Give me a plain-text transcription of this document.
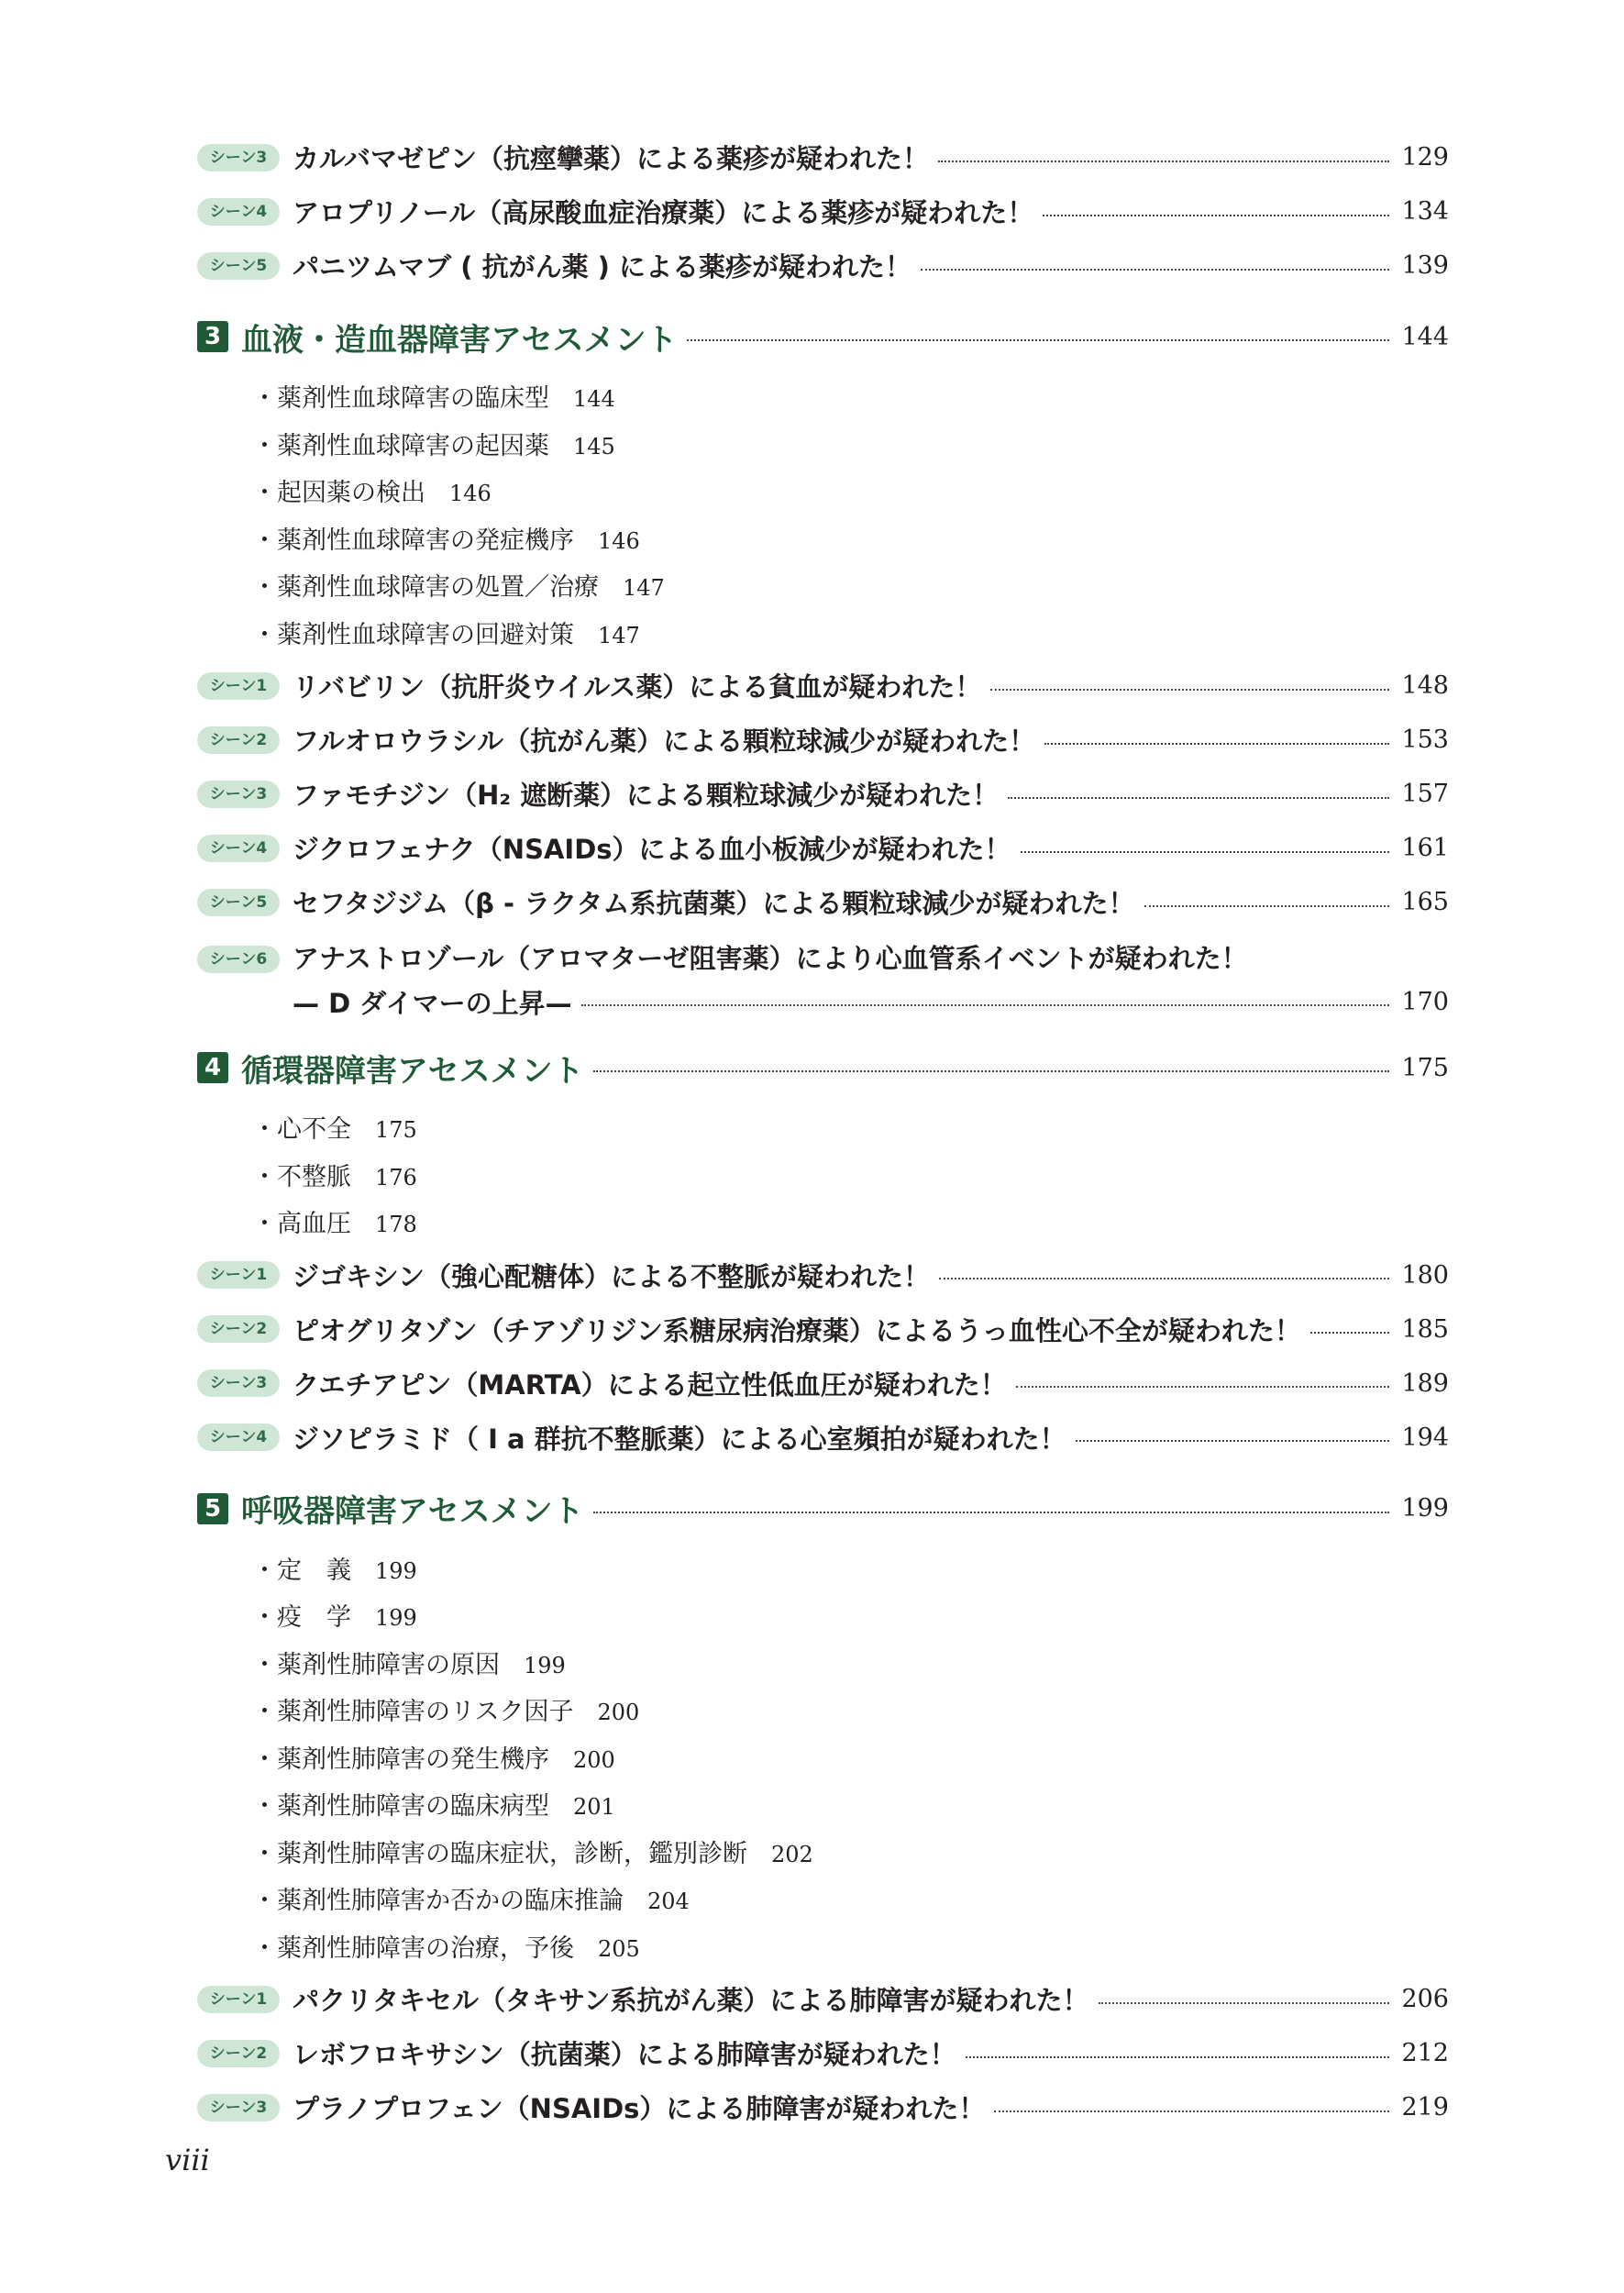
シーン3 カルバマゼピン（抗痙攣薬）による薬疹が疑われた！	129
シーン4 アロプリノール（高尿酸血症治療薬）による薬疹が疑われた！	134
シーン5 パニツムマブ ( 抗がん薬 ) による薬疹が疑われた！	139
3 血液・造血器障害アセスメント	144
・薬剤性血球障害の臨床型 144
・薬剤性血球障害の起因薬 145
・起因薬の検出 146
・薬剤性血球障害の発症機序 146
・薬剤性血球障害の処置／治療 147
・薬剤性血球障害の回避対策 147
シーン1 リバビリン（抗肝炎ウイルス薬）による貧血が疑われた！	148
シーン2 フルオロウラシル（抗がん薬）による顆粒球減少が疑われた！	153
シーン3 ファモチジン（H₂ 遮断薬）による顆粒球減少が疑われた！	157
シーン4 ジクロフェナク（NSAIDs）による血小板減少が疑われた！	161
シーン5 セフタジジム（β - ラクタム系抗菌薬）による顆粒球減少が疑われた！	165
シーン6 アナストロゾール（アロマターゼ阻害薬）により心血管系イベントが疑われた！
— D ダイマーの上昇—	170
4 循環器障害アセスメント	175
・心不全 175
・不整脈 176
・高血圧 178
シーン1 ジゴキシン（強心配糖体）による不整脈が疑われた！	180
シーン2 ピオグリタゾン（チアゾリジン系糖尿病治療薬）によるうっ血性心不全が疑われた！	185
シーン3 クエチアピン（MARTA）による起立性低血圧が疑われた！	189
シーン4 ジソピラミド（ I a 群抗不整脈薬）による心室頻拍が疑われた！	194
5 呼吸器障害アセスメント	199
・定　義 199
・疫　学 199
・薬剤性肺障害の原因 199
・薬剤性肺障害のリスク因子 200
・薬剤性肺障害の発生機序 200
・薬剤性肺障害の臨床病型 201
・薬剤性肺障害の臨床症状，診断，鑑別診断 202
・薬剤性肺障害か否かの臨床推論 204
・薬剤性肺障害の治療，予後 205
シーン1 パクリタキセル（タキサン系抗がん薬）による肺障害が疑われた！	206
シーン2 レボフロキサシン（抗菌薬）による肺障害が疑われた！	212
シーン3 プラノプロフェン（NSAIDs）による肺障害が疑われた！	219
viii
